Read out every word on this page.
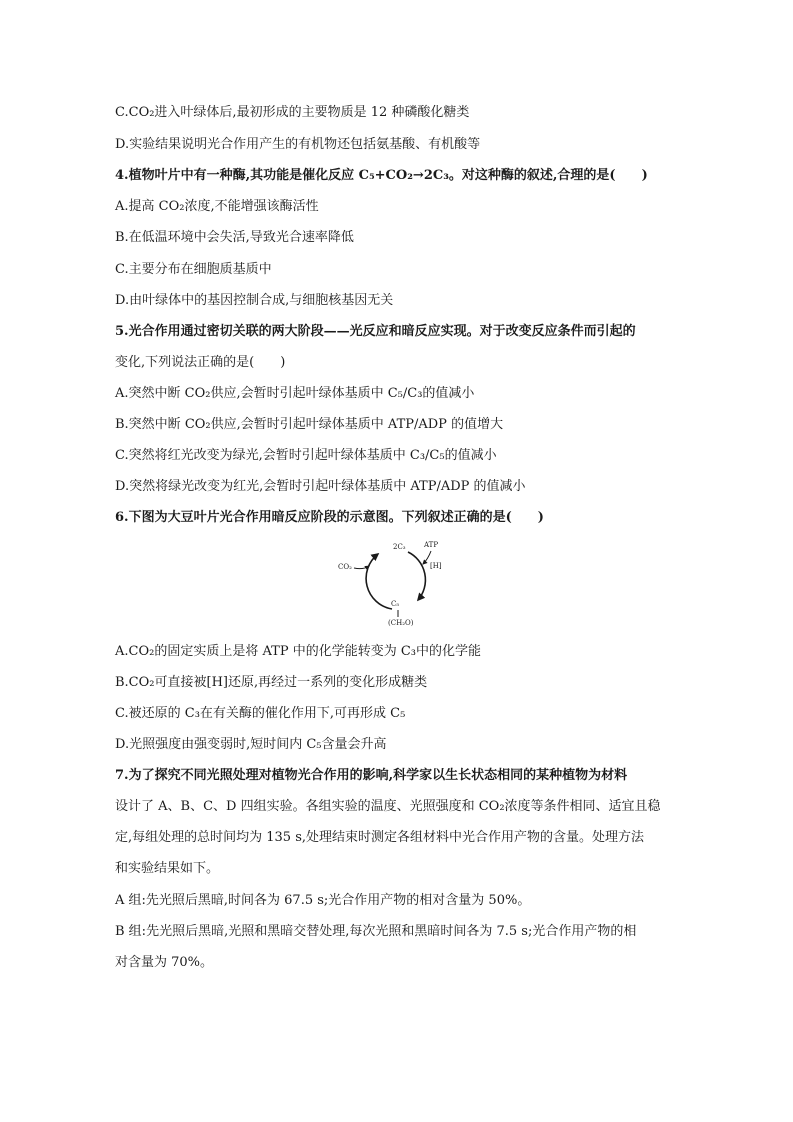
C.CO₂进入叶绿体后,最初形成的主要物质是 12 种磷酸化糖类
D.实验结果说明光合作用产生的有机物还包括氨基酸、有机酸等
4.植物叶片中有一种酶,其功能是催化反应 C₅+CO₂→2C₃。对这种酶的叙述,合理的是(　　)
A.提高 CO₂浓度,不能增强该酶活性
B.在低温环境中会失活,导致光合速率降低
C.主要分布在细胞质基质中
D.由叶绿体中的基因控制合成,与细胞核基因无关
5.光合作用通过密切关联的两大阶段——光反应和暗反应实现。对于改变反应条件而引起的
变化,下列说法正确的是(　　)
A.突然中断 CO₂供应,会暂时引起叶绿体基质中 C₅/C₃的值减小
B.突然中断 CO₂供应,会暂时引起叶绿体基质中 ATP/ADP 的值增大
C.突然将红光改变为绿光,会暂时引起叶绿体基质中 C₃/C₅的值减小
D.突然将绿光改变为红光,会暂时引起叶绿体基质中 ATP/ADP 的值减小
6.下图为大豆叶片光合作用暗反应阶段的示意图。下列叙述正确的是(　　)
2C₃	ATP
[H]
CO₂
C₅
(CH₂O)
A.CO₂的固定实质上是将 ATP 中的化学能转变为 C₃中的化学能
B.CO₂可直接被[H]还原,再经过一系列的变化形成糖类
C.被还原的 C₃在有关酶的催化作用下,可再形成 C₅
D.光照强度由强变弱时,短时间内 C₅含量会升高
7.为了探究不同光照处理对植物光合作用的影响,科学家以生长状态相同的某种植物为材料
设计了 A、B、C、D 四组实验。各组实验的温度、光照强度和 CO₂浓度等条件相同、适宜且稳
定,每组处理的总时间均为 135 s,处理结束时测定各组材料中光合作用产物的含量。处理方法
和实验结果如下。
A 组:先光照后黑暗,时间各为 67.5 s;光合作用产物的相对含量为 50%。
B 组:先光照后黑暗,光照和黑暗交替处理,每次光照和黑暗时间各为 7.5 s;光合作用产物的相
对含量为 70%。
